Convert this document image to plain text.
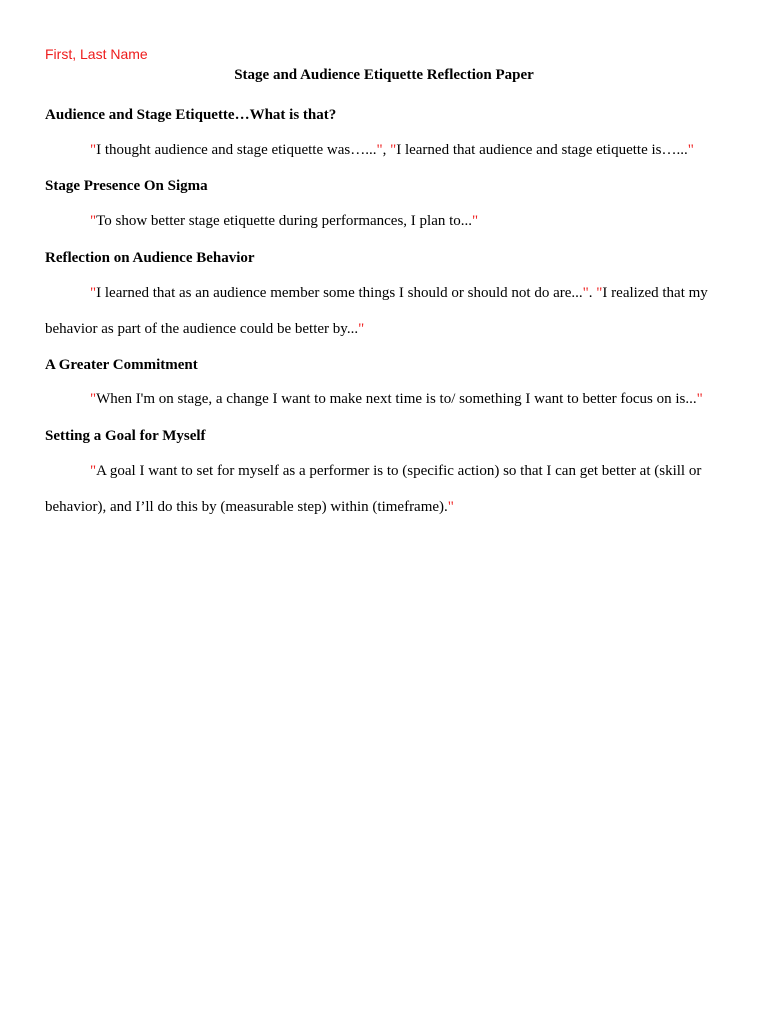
First, Last Name
Stage and Audience Etiquette Reflection Paper
Audience and Stage Etiquette…What is that?

"I thought audience and stage etiquette was…...", "I learned that audience and stage etiquette is…..."

Stage Presence On Sigma

"To show better stage etiquette during performances, I plan to..."

Reflection on Audience Behavior

"I learned that as an audience member some things I should or should not do are...". "I realized that my behavior as part of the audience could be better by..."

A Greater Commitment

"When I'm on stage, a change I want to make next time is to/ something I want to better focus on is..."

Setting a Goal for Myself

"A goal I want to set for myself as a performer is to (specific action) so that I can get better at (skill or behavior), and I’ll do this by (measurable step) within (timeframe)."
